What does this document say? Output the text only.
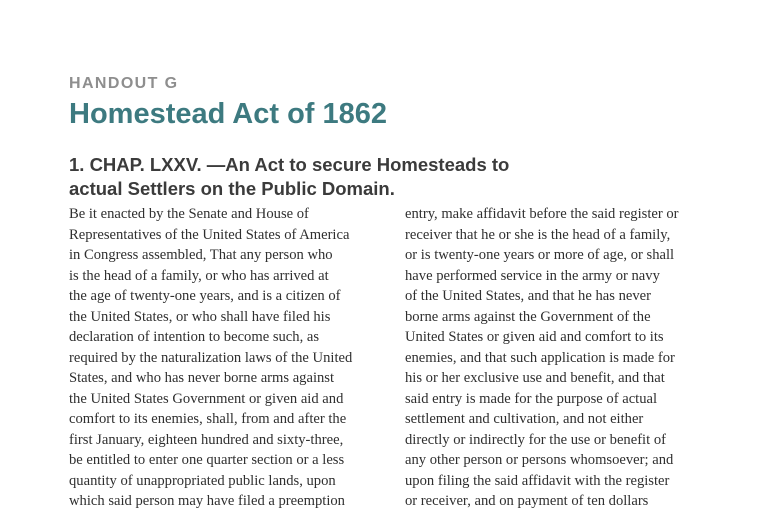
HANDOUT G

Homestead Act of 1862
1. CHAP. LXXV. —An Act to secure Homesteads to
actual Settlers on the Public Domain.
Be it enacted by the Senate and House of
Representatives of the United States of America
in Congress assembled, That any person who
is the head of a family, or who has arrived at
the age of twenty-one years, and is a citizen of
the United States, or who shall have filed his
declaration of intention to become such, as
required by the naturalization laws of the United
States, and who has never borne arms against
the United States Government or given aid and
comfort to its enemies, shall, from and after the
first January, eighteen hundred and sixty-three,
be entitled to enter one quarter section or a less
quantity of unappropriated public lands, upon
which said person may have filed a preemption
entry, make affidavit before the said register or
receiver that he or she is the head of a family,
or is twenty-one years or more of age, or shall
have performed service in the army or navy
of the United States, and that he has never
borne arms against the Government of the
United States or given aid and comfort to its
enemies, and that such application is made for
his or her exclusive use and benefit, and that
said entry is made for the purpose of actual
settlement and cultivation, and not either
directly or indirectly for the use or benefit of
any other person or persons whomsoever; and
upon filing the said affidavit with the register
or receiver, and on payment of ten dollars
